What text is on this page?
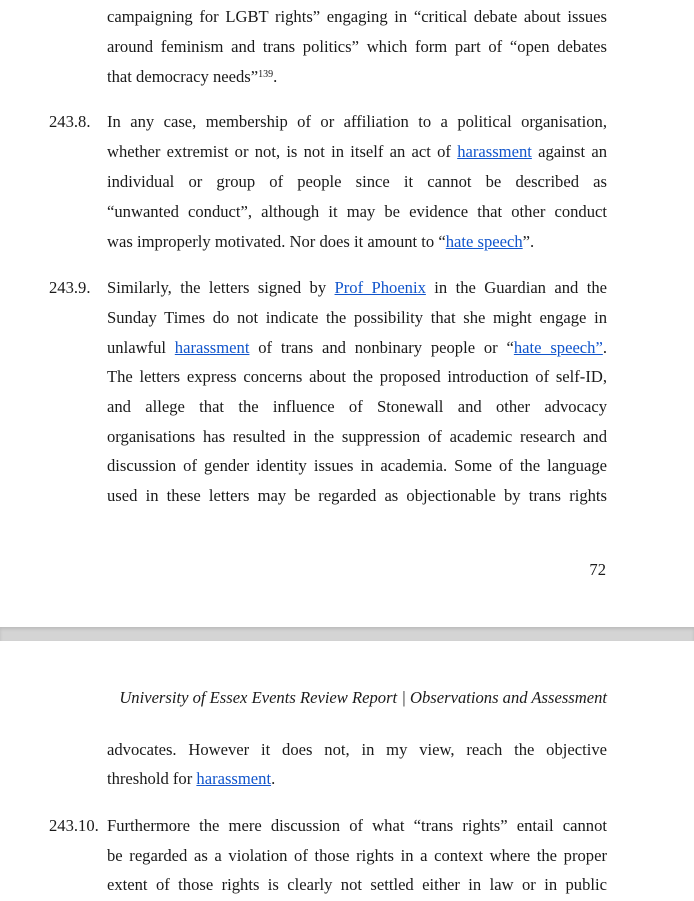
campaigning for LGBT rights” engaging in “critical debate about issues
around feminism and trans politics” which form part of “open debates
that democracy needs”$^{139}$.
243.8. In any case, membership of or affiliation to a political organisation,
whether extremist or not, is not in itself an act of harassment against an
individual or group of people since it cannot be described as
“unwanted conduct”, although it may be evidence that other conduct
was improperly motivated. Nor does it amount to “hate speech”.
243.9. Similarly, the letters signed by Prof Phoenix in the Guardian and the
Sunday Times do not indicate the possibility that she might engage in
unlawful harassment of trans and nonbinary people or “hate speech”.
The letters express concerns about the proposed introduction of self-ID,
and allege that the influence of Stonewall and other advocacy
organisations has resulted in the suppression of academic research and
discussion of gender identity issues in academia. Some of the language
used in these letters may be regarded as objectionable by trans rights
72
University of Essex Events Review Report | Observations and Assessment
advocates. However it does not, in my view, reach the objective
threshold for harassment.
243.10. Furthermore the mere discussion of what “trans rights” entail cannot
be regarded as a violation of those rights in a context where the proper
extent of those rights is clearly not settled either in law or in public
